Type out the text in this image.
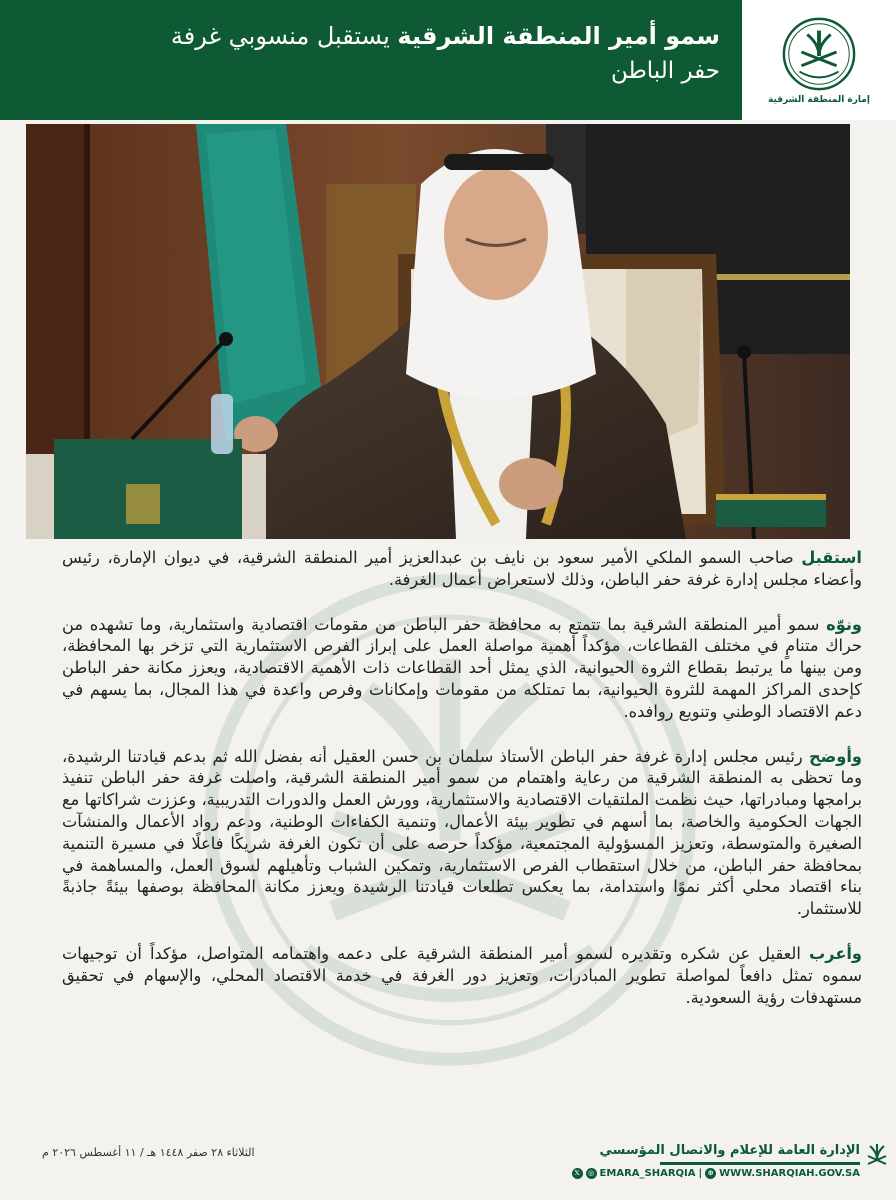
سمو أمير المنطقة الشرقية يستقبل منسوبي غرفة
حفر الباطن
إمارة المنطقة الشرقية

استقبل صاحب السمو الملكي الأمير سعود بن نايف بن عبدالعزيز أمير المنطقة الشرقية، في ديوان الإمارة، رئيس وأعضاء مجلس إدارة غرفة حفر الباطن، وذلك لاستعراض أعمال الغرفة.

ونوّه سمو أمير المنطقة الشرقية بما تتمتع به محافظة حفر الباطن من مقومات اقتصادية واستثمارية، وما تشهده من حراك متنامٍ في مختلف القطاعات، مؤكداً أهمية مواصلة العمل على إبراز الفرص الاستثمارية التي تزخر بها المحافظة، ومن بينها ما يرتبط بقطاع الثروة الحيوانية، الذي يمثل أحد القطاعات ذات الأهمية الاقتصادية، ويعزز مكانة حفر الباطن كإحدى المراكز المهمة للثروة الحيوانية، بما تمتلكه من مقومات وإمكانات وفرص واعدة في هذا المجال، بما يسهم في دعم الاقتصاد الوطني وتنويع روافده.

وأوضح رئيس مجلس إدارة غرفة حفر الباطن الأستاذ سلمان بن حسن العقيل أنه بفضل الله ثم بدعم قيادتنا الرشيدة، وما تحظى به المنطقة الشرقية من رعاية واهتمام من سمو أمير المنطقة الشرقية، واصلت غرفة حفر الباطن تنفيذ برامجها ومبادراتها، حيث نظمت الملتقيات الاقتصادية والاستثمارية، وورش العمل والدورات التدريبية، وعززت شراكاتها مع الجهات الحكومية والخاصة، بما أسهم في تطوير بيئة الأعمال، وتنمية الكفاءات الوطنية، ودعم رواد الأعمال والمنشآت الصغيرة والمتوسطة، وتعزيز المسؤولية المجتمعية، مؤكداً حرصه على أن تكون الغرفة شريكًا فاعلًا في مسيرة التنمية بمحافظة حفر الباطن، من خلال استقطاب الفرص الاستثمارية، وتمكين الشباب وتأهيلهم لسوق العمل، والمساهمة في بناء اقتصاد محلي أكثر نموًا واستدامة، بما يعكس تطلعات قيادتنا الرشيدة ويعزز مكانة المحافظة بوصفها بيئةً جاذبةً للاستثمار.

وأعرب العقيل عن شكره وتقديره لسمو أمير المنطقة الشرقية على دعمه واهتمامه المتواصل، مؤكداً أن توجيهات سموه تمثل دافعاً لمواصلة تطوير المبادرات، وتعزيز دور الغرفة في خدمة الاقتصاد المحلي، والإسهام في تحقيق مستهدفات رؤية السعودية.

الثلاثاء ٢٨ صفر ١٤٤٨ هـ / ١١ أغسطس ٢٠٢٦ م	الإدارة العامة للإعلام والاتصال المؤسسي
𝕏	◎ EMARA_SHARQIA | ⊕ WWW.SHARQIAH.GOV.SA
